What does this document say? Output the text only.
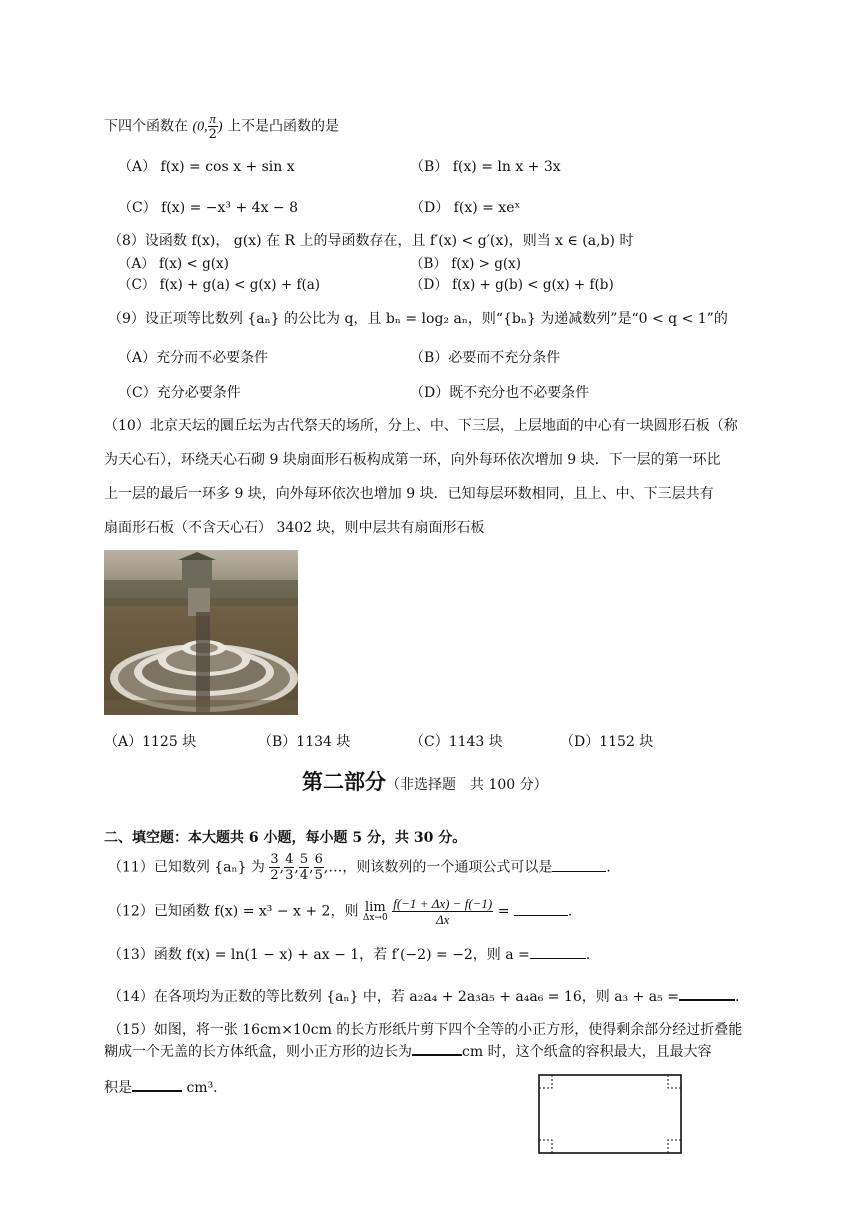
下四个函数在 (0, $\frac{\pi}{2}$ ) 上不是凸函数的是
（A） f(x) = cos x + sin x	（B） f(x) = ln x + 3x
（C） f(x) = −x³ + 4x − 8	（D） f(x) = xeˣ
（8）设函数 f(x)， g(x) 在 R 上的导函数存在，且 f′(x) < g′(x)，则当 x ∈ (a,b) 时
（A） f(x) < g(x)	（B） f(x) > g(x)
（C） f(x) + g(a) < g(x) + f(a)	（D） f(x) + g(b) < g(x) + f(b)
（9）设正项等比数列 {aₙ} 的公比为 q，且 bₙ = log₂ aₙ，则“{bₙ} 为递减数列”是“0 < q < 1”的
（A）充分而不必要条件	（B）必要而不充分条件
（C）充分必要条件	（D）既不充分也不必要条件
（10）北京天坛的圜丘坛为古代祭天的场所，分上、中、下三层，上层地面的中心有一块圆形石板（称
为天心石），环绕天心石砌 9 块扇面形石板构成第一环，向外每环依次增加 9 块．下一层的第一环比
上一层的最后一环多 9 块，向外每环依次也增加 9 块．已知每层环数相同，且上、中、下三层共有
扇面形石板（不含天心石） 3402 块，则中层共有扇面形石板
（A）1125 块	（B）1134 块	（C）1143 块	（D）1152 块
第二部分（非选择题　共 100 分）
二、填空题：本大题共 6 小题，每小题 5 分，共 30 分。
（11）已知数列 {aₙ} 为 $\frac{3}{2}$ , $\frac{4}{3}$ , $\frac{5}{4}$ , $\frac{6}{5}$ ,…，则该数列的一个通项公式可以是	.
（12）已知函数 f(x) = x³ − x + 2，则 lim
Δx→0
$\frac{f(-1 + \Delta x) - f(-1)}{\Delta x}$ =	.
（13）函数 f(x) = ln(1 − x) + ax − 1，若 f′(−2) = −2，则 a =	.
（14）在各项均为正数的等比数列 {aₙ} 中，若 a₂a₄ + 2a₃a₅ + a₄a₆ = 16，则 a₃ + a₅ =	.
（15）如图，将一张 16cm×10cm 的长方形纸片剪下四个全等的小正方形，使得剩余部分经过折叠能
糊成一个无盖的长方体纸盒，则小正方形的边长为	cm 时，这个纸盒的容积最大，且最大容
积是	cm³.
